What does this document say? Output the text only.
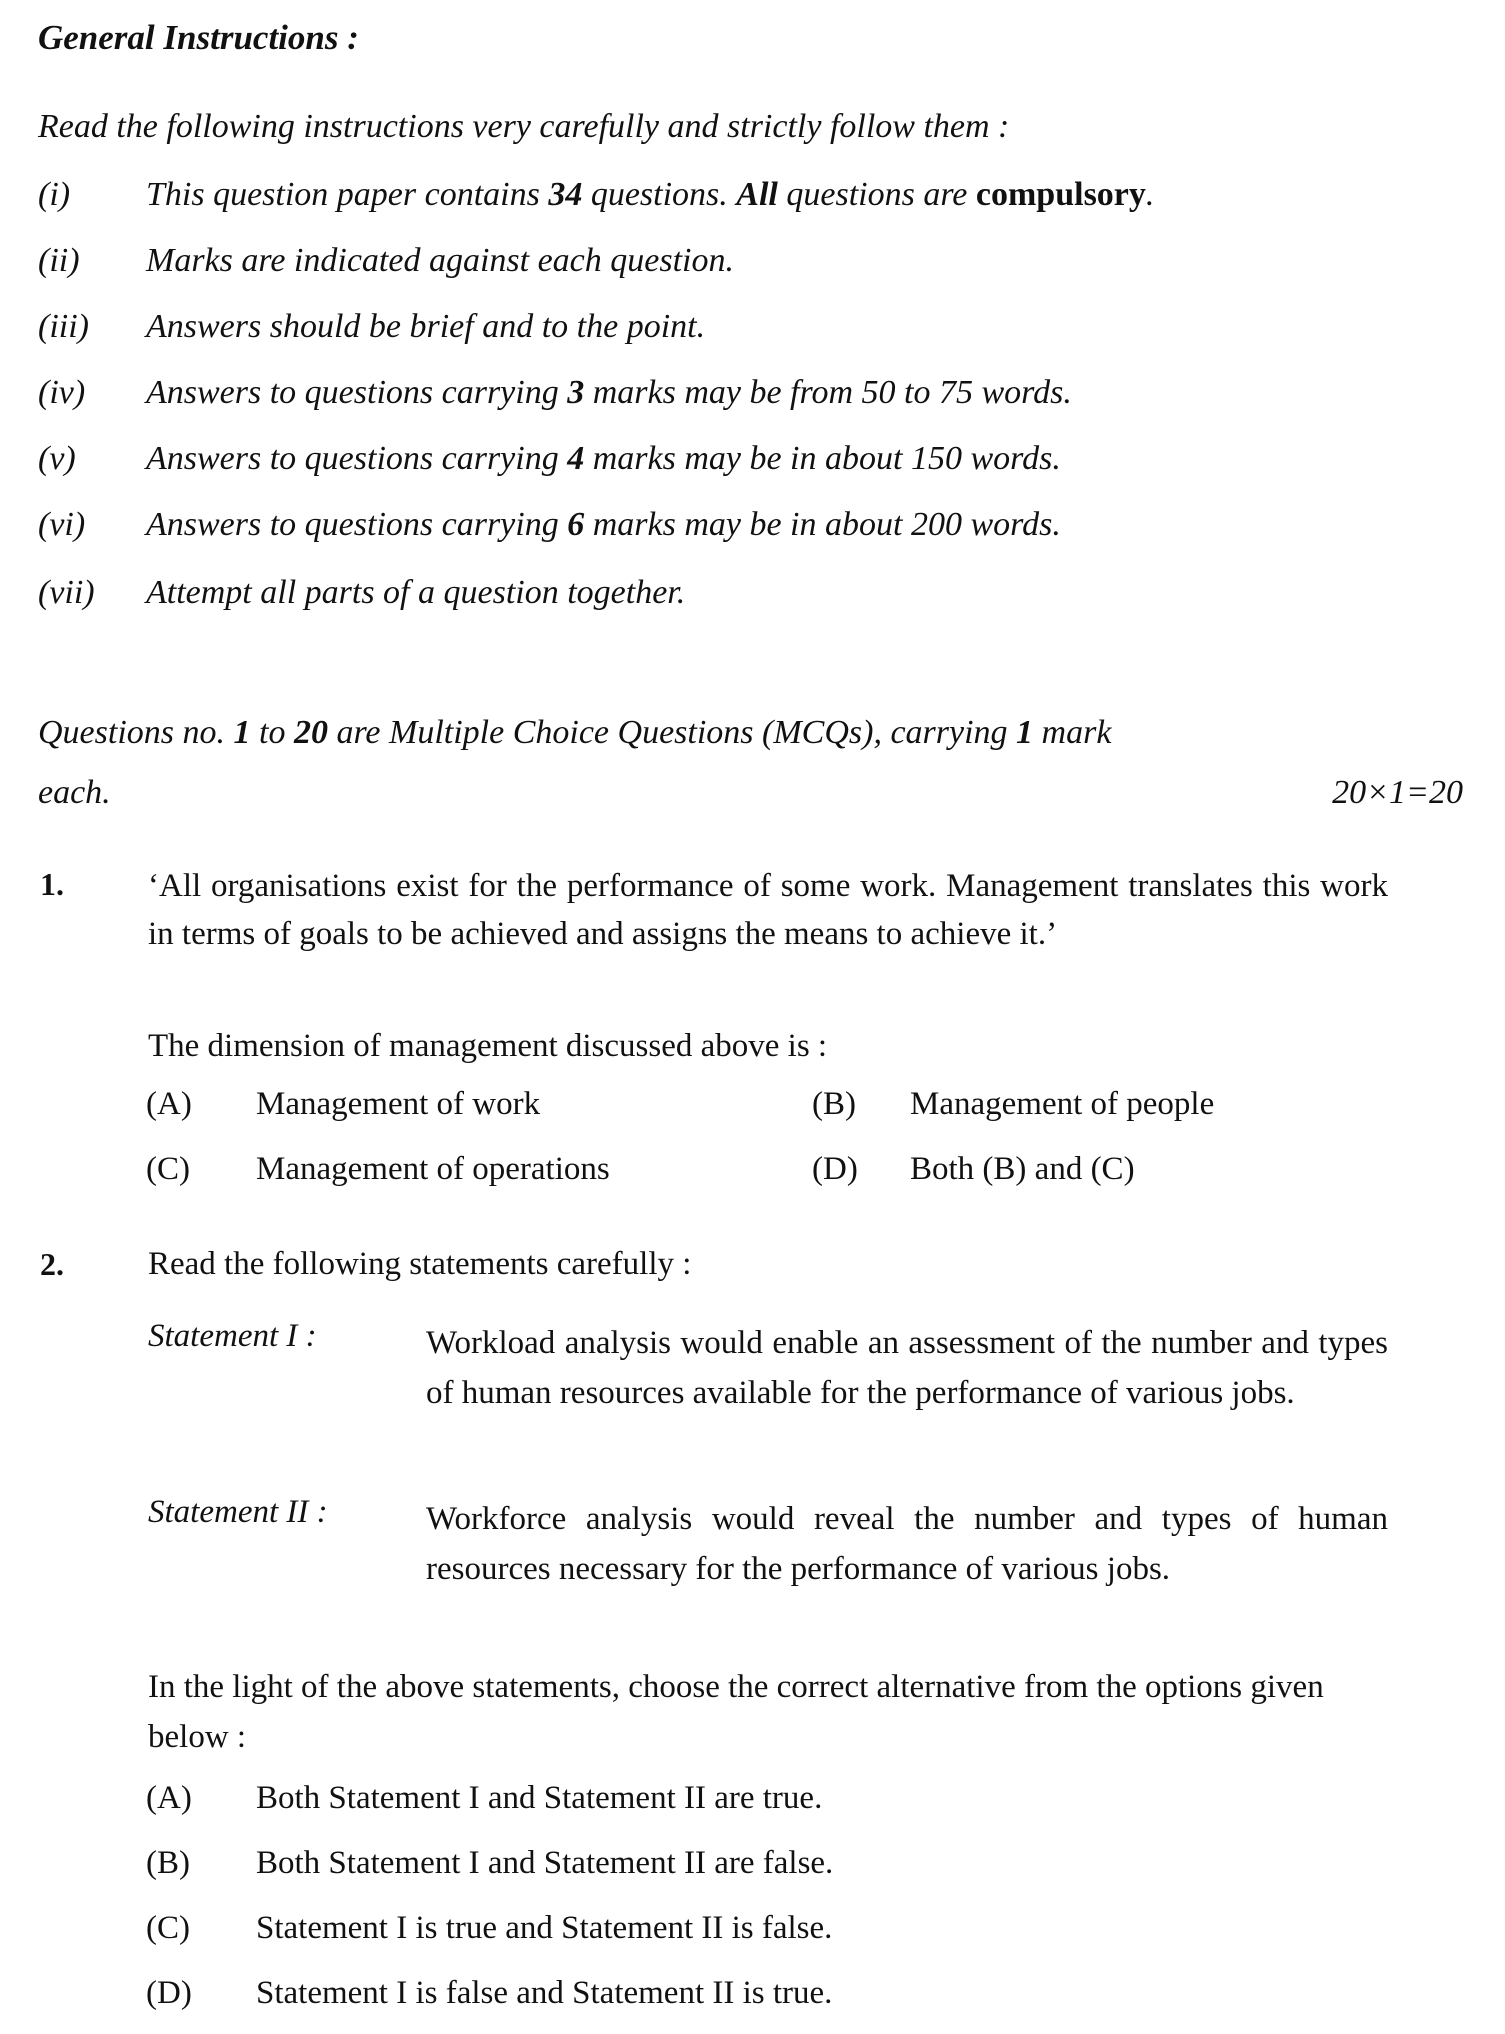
General Instructions :
Read the following instructions very carefully and strictly follow them :
(i) This question paper contains 34 questions. All questions are compulsory.
(ii) Marks are indicated against each question.
(iii) Answers should be brief and to the point.
(iv) Answers to questions carrying 3 marks may be from 50 to 75 words.
(v) Answers to questions carrying 4 marks may be in about 150 words.
(vi) Answers to questions carrying 6 marks may be in about 200 words.
(vii) Attempt all parts of a question together.
Questions no. 1 to 20 are Multiple Choice Questions (MCQs), carrying 1 mark
each.	20×1=20
1.	‘All organisations exist for the performance of some work. Management translates this work in terms of goals to be achieved and assigns the means to achieve it.’
The dimension of management discussed above is :
(A) Management of work	(B) Management of people
(C) Management of operations	(D) Both (B) and (C)
2.	Read the following statements carefully :
Statement I :	Workload analysis would enable an assessment of the number and types of human resources available for the performance of various jobs.
Statement II :	Workforce analysis would reveal the number and types of human resources necessary for the performance of various jobs.
In the light of the above statements, choose the correct alternative from the options given below :
(A) Both Statement I and Statement II are true.
(B) Both Statement I and Statement II are false.
(C) Statement I is true and Statement II is false.
(D) Statement I is false and Statement II is true.
